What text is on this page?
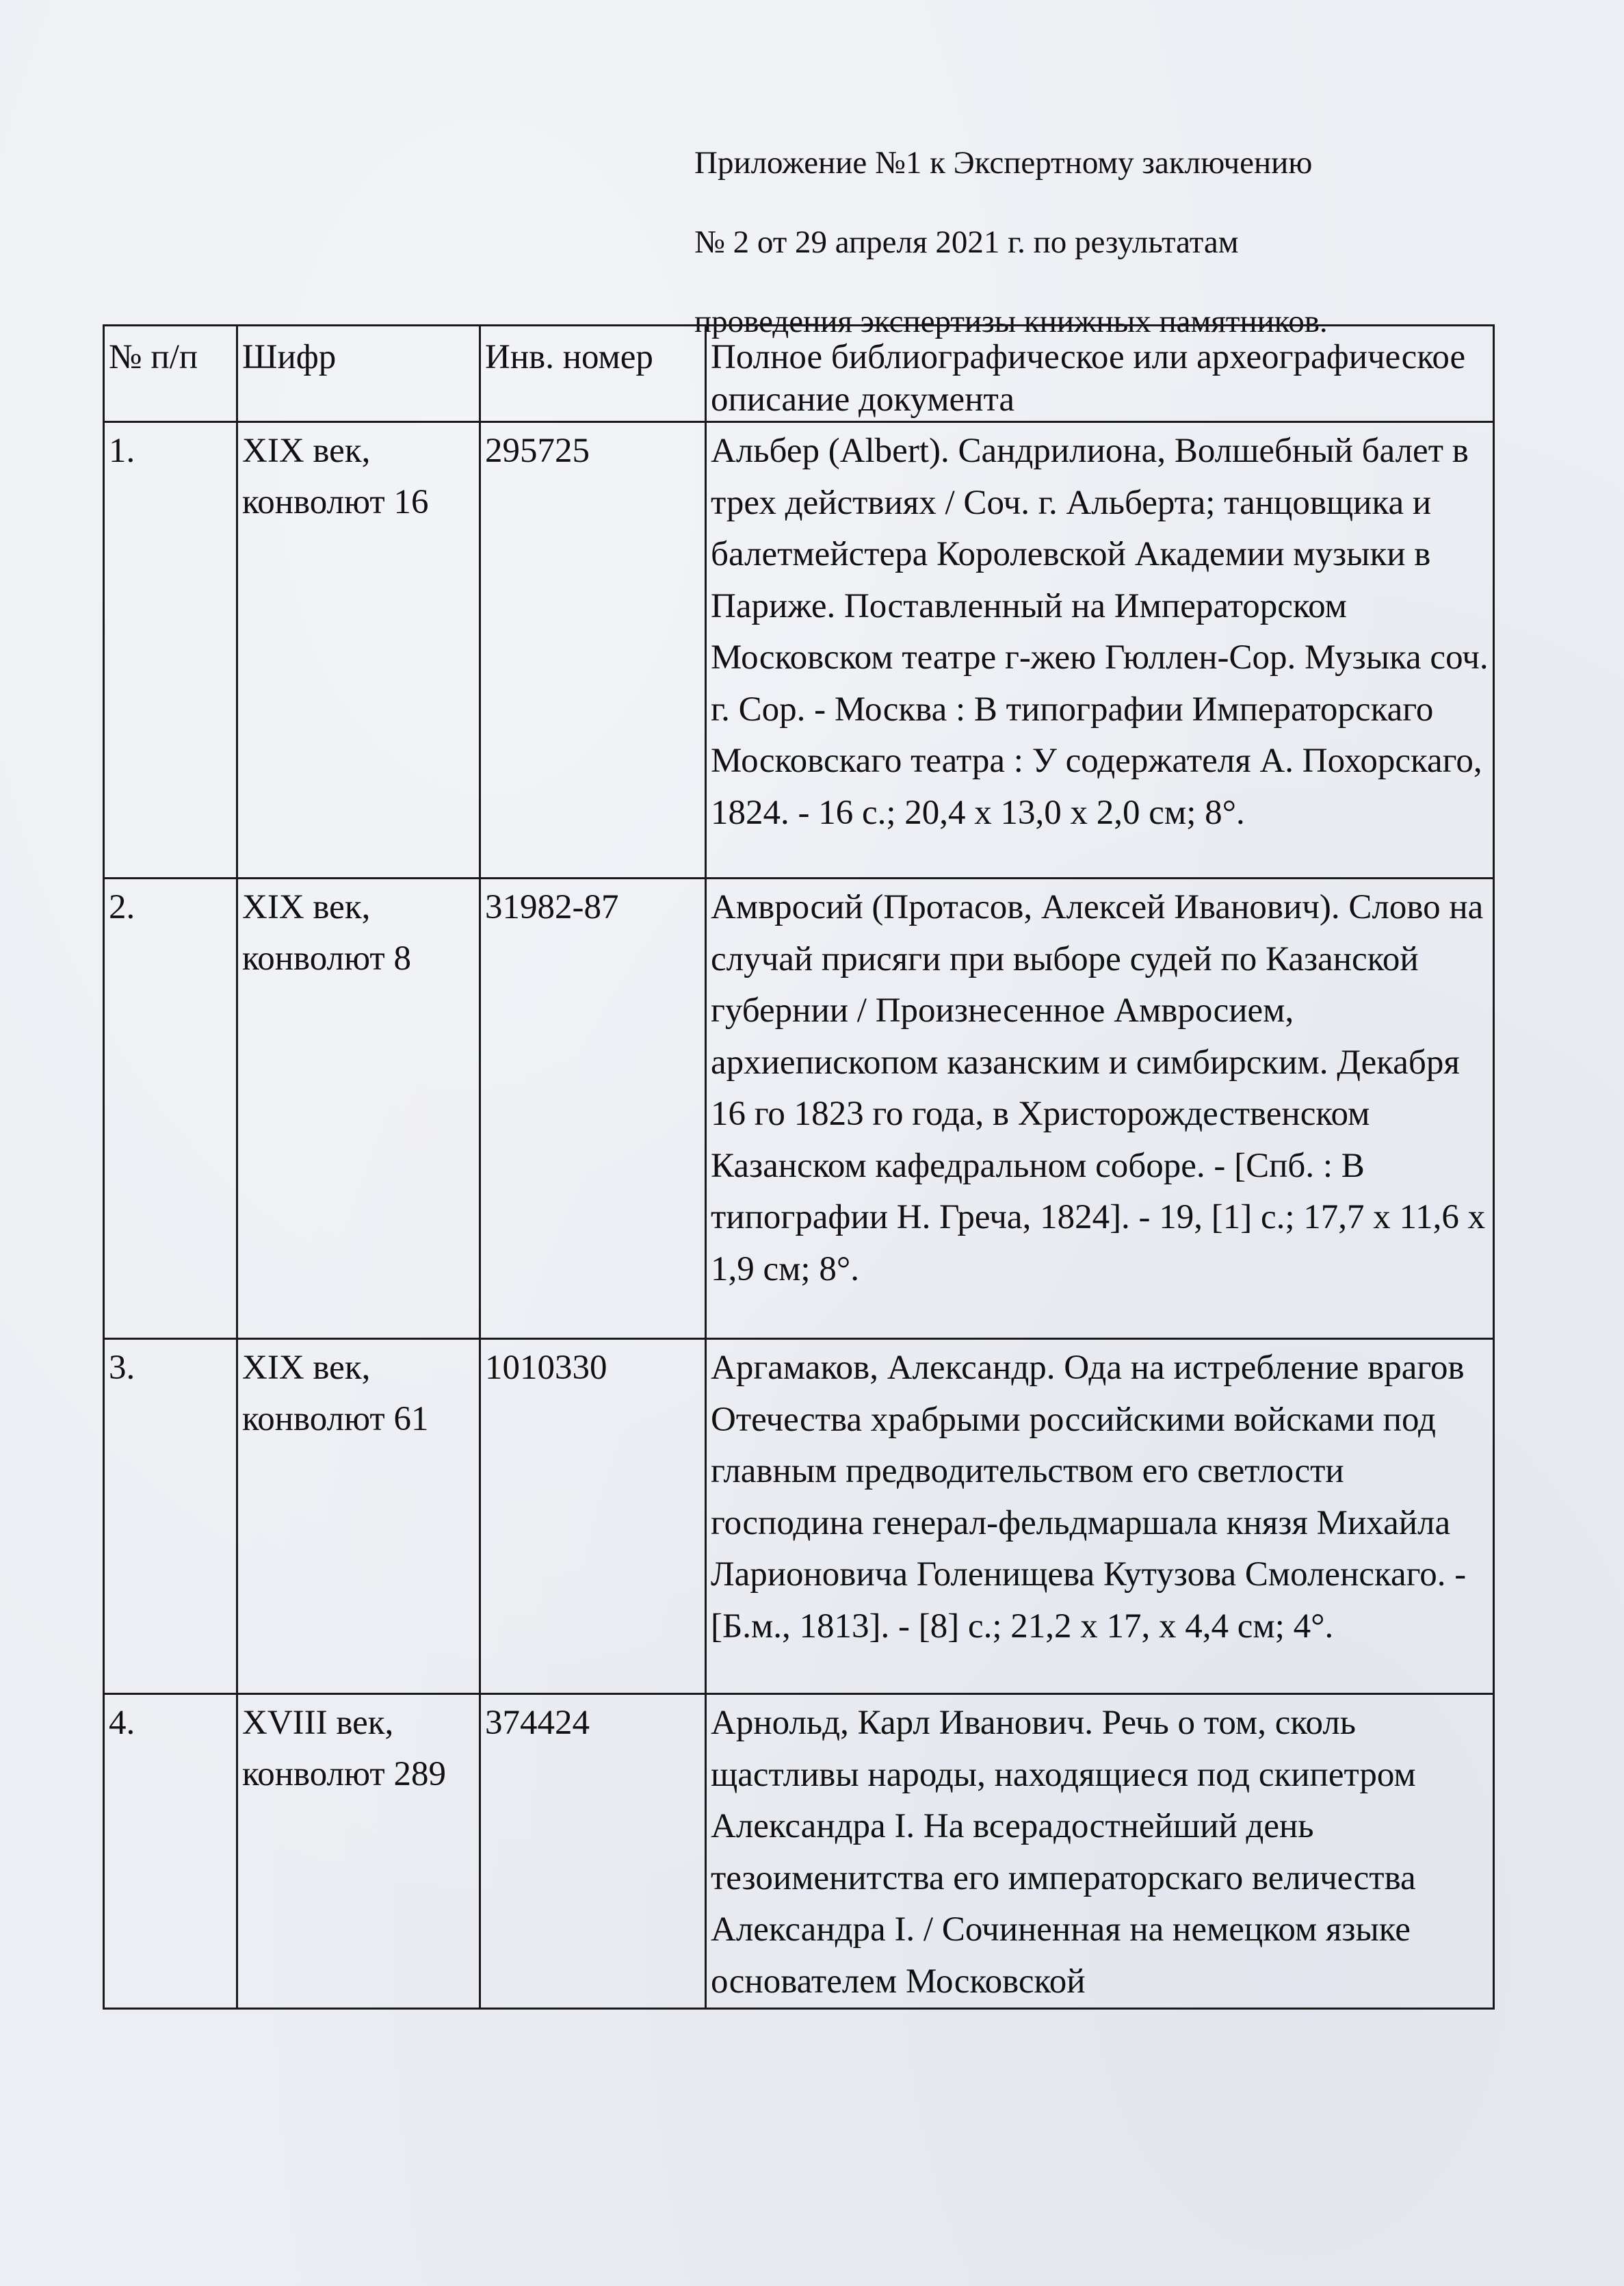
Приложение №1 к Экспертному заключению
№ 2 от 29 апреля 2021 г. по результатам
проведения экспертизы книжных памятников.
№ п/п	Шифр	Инв. номер	Полное библиографическое или археографическое описание документа
1.	XIX век, конволют 16	295725	Альбер (Albert). Сандрилиона, Волшебный балет в трех действиях / Соч. г. Альберта; танцовщика и балетмейстера Королевской Академии музыки в Париже. Поставленный на Императорском Московском театре г-жею Гюллен-Сор. Музыка соч. г. Сор. - Москва : В типографии Императорскаго Московскаго театра : У содержателя А. Похорскаго, 1824. - 16 с.; 20,4 х 13,0 х 2,0 см; 8°.
2.	XIX век, конволют 8	31982-87	Амвросий (Протасов, Алексей Иванович). Слово на случай присяги при выборе судей по Казанской губернии / Произнесенное Амвросием, архиепископом казанским и симбирским. Декабря 16 го 1823 го года, в Христорождественском Казанском кафедральном соборе. - [Спб. : В типографии Н. Греча, 1824]. - 19, [1] с.; 17,7 х 11,6 х 1,9 см; 8°.
3.	XIX век, конволют 61	1010330	Аргамаков, Александр. Ода на истребление врагов Отечества храбрыми российскими войсками под главным предводительством его светлости господина генерал-фельдмаршала князя Михайла Ларионовича Голенищева Кутузова Смоленскаго. - [Б.м., 1813]. - [8] с.; 21,2 х 17, х 4,4 см; 4°.
4.	XVIII век, конволют 289	374424	Арнольд, Карл Иванович. Речь о том, сколь щастливы народы, находящиеся под скипетром Александра I. На всерадостнейший день тезоименитства его императорскаго величества Александра I. / Сочиненная на немецком языке основателем Московской
